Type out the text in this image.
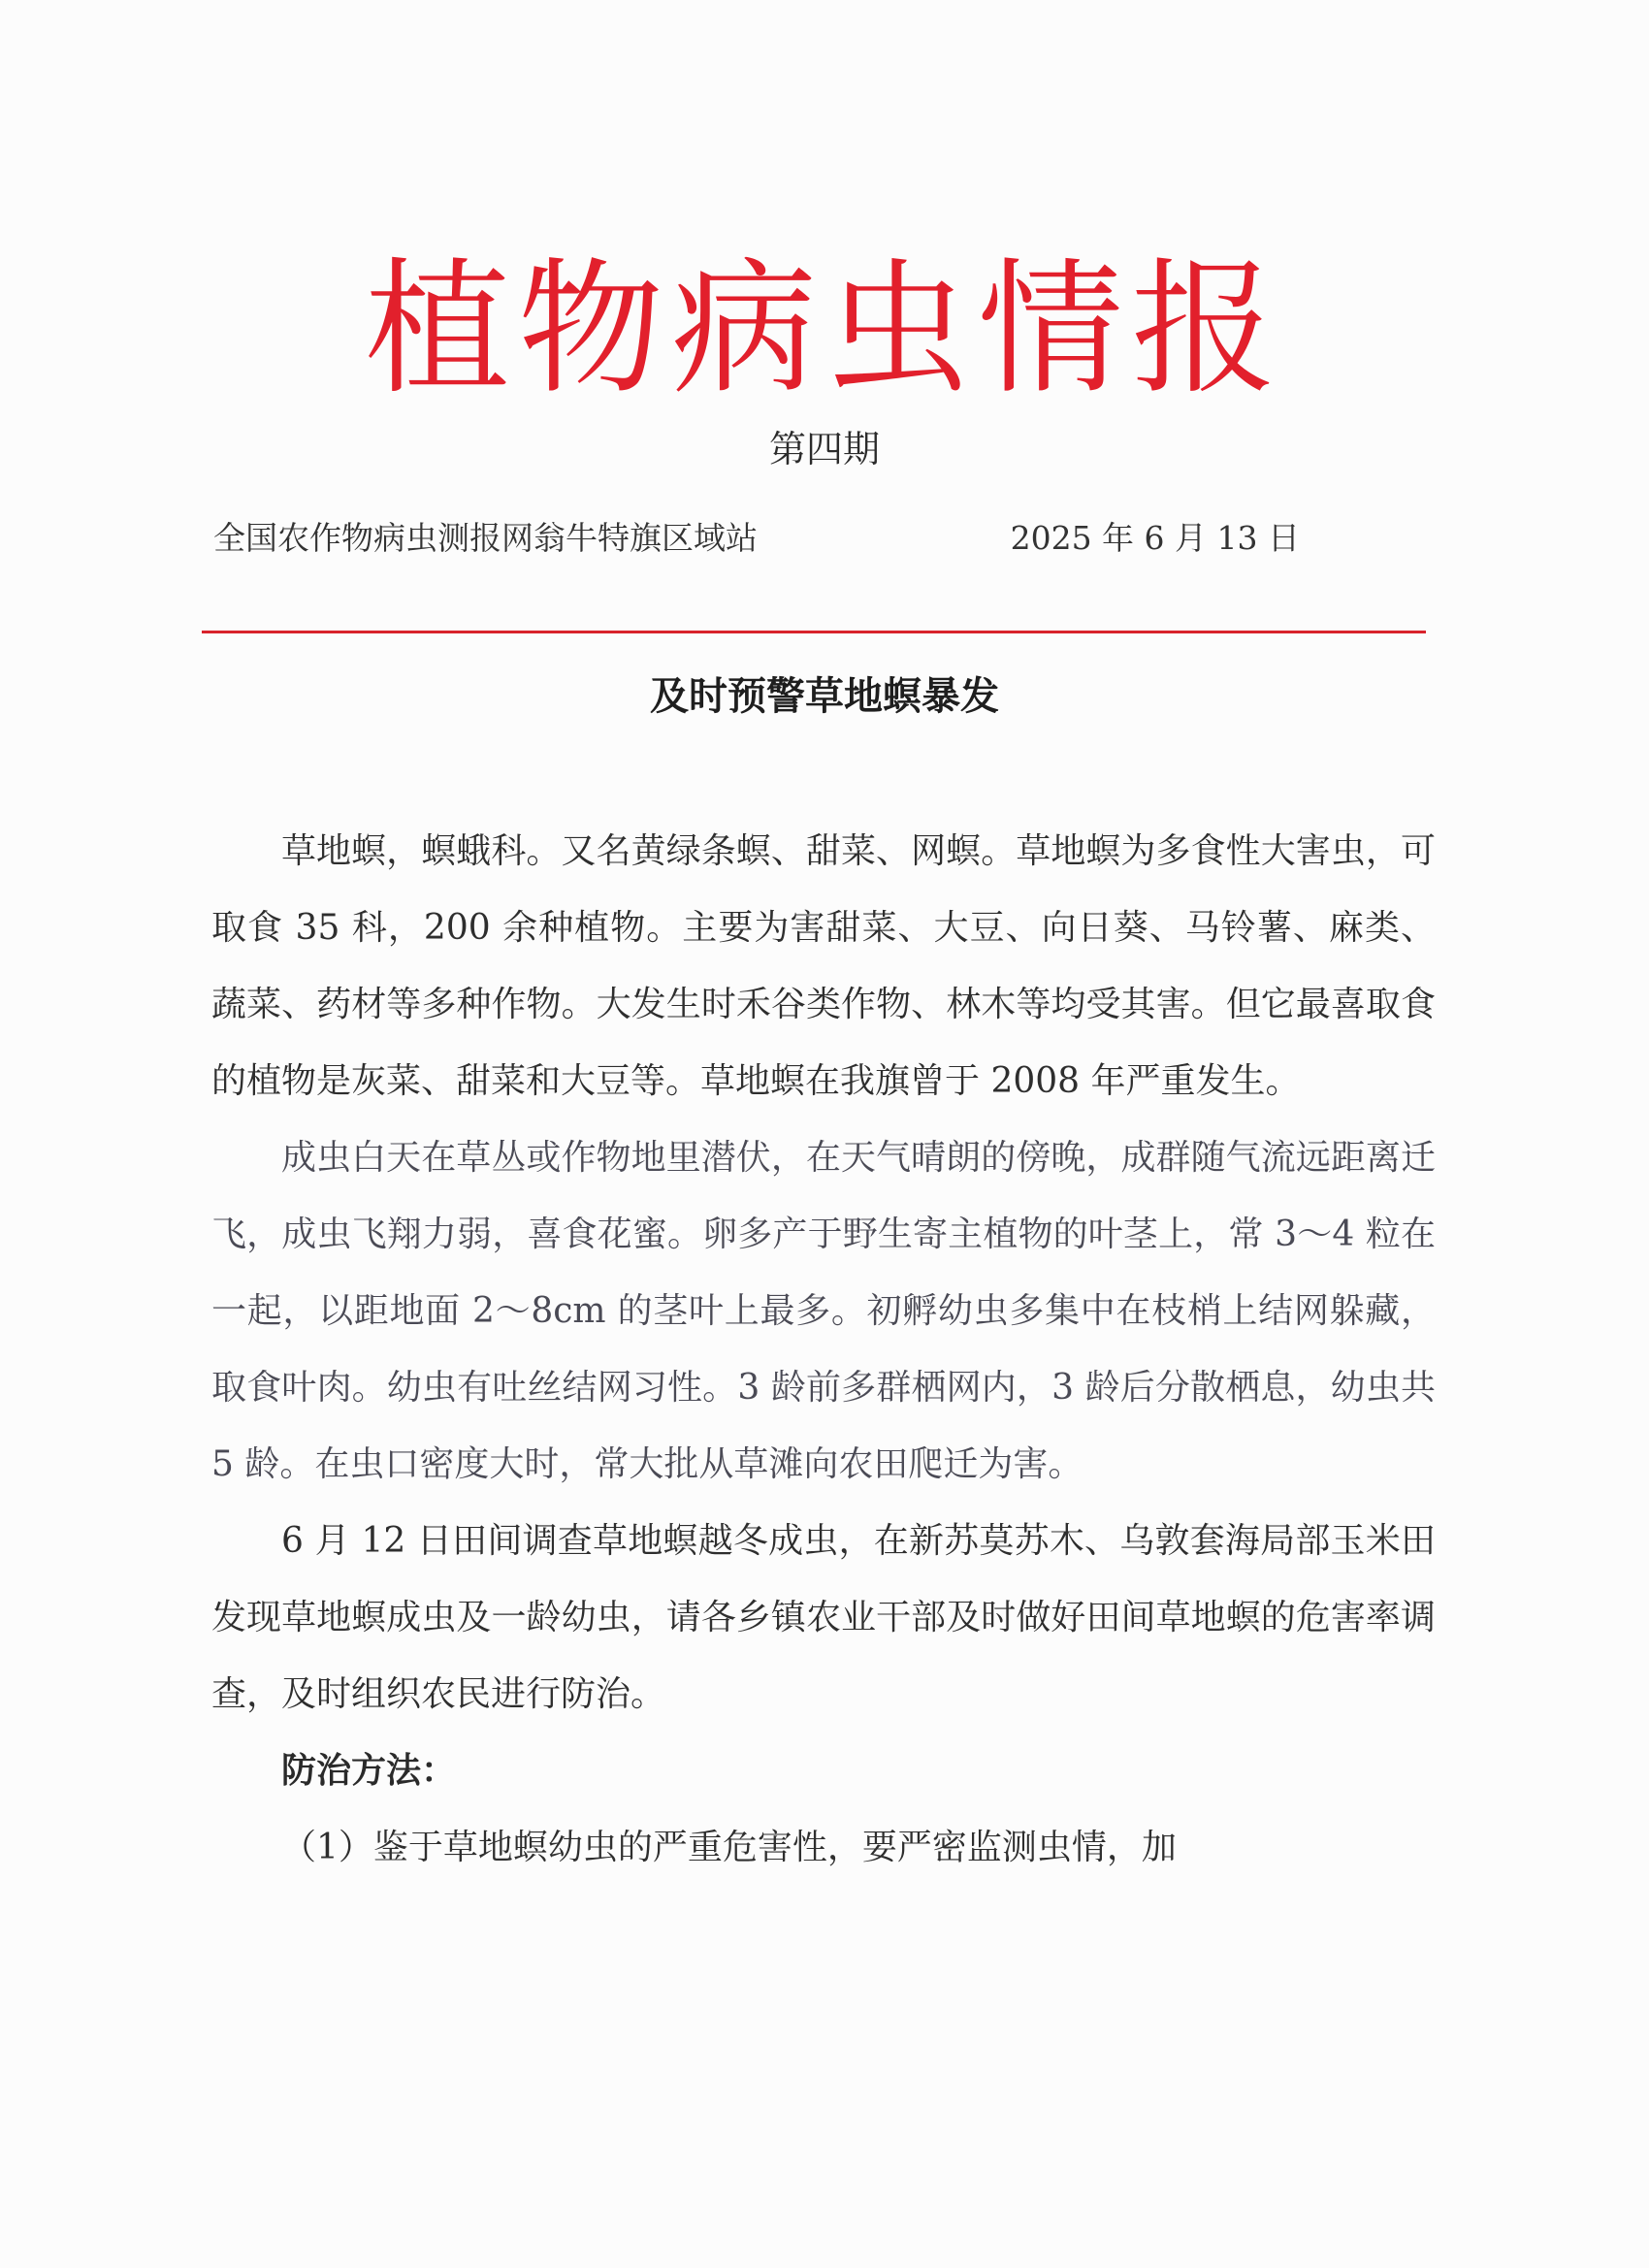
植物病虫情报
第四期
全国农作物病虫测报网翁牛特旗区域站	2025 年 6 月 13 日
及时预警草地螟暴发

草地螟，螟蛾科。又名黄绿条螟、甜菜、网螟。草地螟为多食性大害虫，可取食 35 科，200 余种植物。主要为害甜菜、大豆、向日葵、马铃薯、麻类、蔬菜、药材等多种作物。大发生时禾谷类作物、林木等均受其害。但它最喜取食的植物是灰菜、甜菜和大豆等。草地螟在我旗曾于 2008 年严重发生。

成虫白天在草丛或作物地里潜伏，在天气晴朗的傍晚，成群随气流远距离迁飞，成虫飞翔力弱，喜食花蜜。卵多产于野生寄主植物的叶茎上，常 3～4 粒在一起，以距地面 2～8cm 的茎叶上最多。初孵幼虫多集中在枝梢上结网躲藏，取食叶肉。幼虫有吐丝结网习性。3 龄前多群栖网内，3 龄后分散栖息，幼虫共 5 龄。在虫口密度大时，常大批从草滩向农田爬迁为害。

6 月 12 日田间调查草地螟越冬成虫，在新苏莫苏木、乌敦套海局部玉米田发现草地螟成虫及一龄幼虫，请各乡镇农业干部及时做好田间草地螟的危害率调查，及时组织农民进行防治。

防治方法：

（1）鉴于草地螟幼虫的严重危害性，要严密监测虫情，加
